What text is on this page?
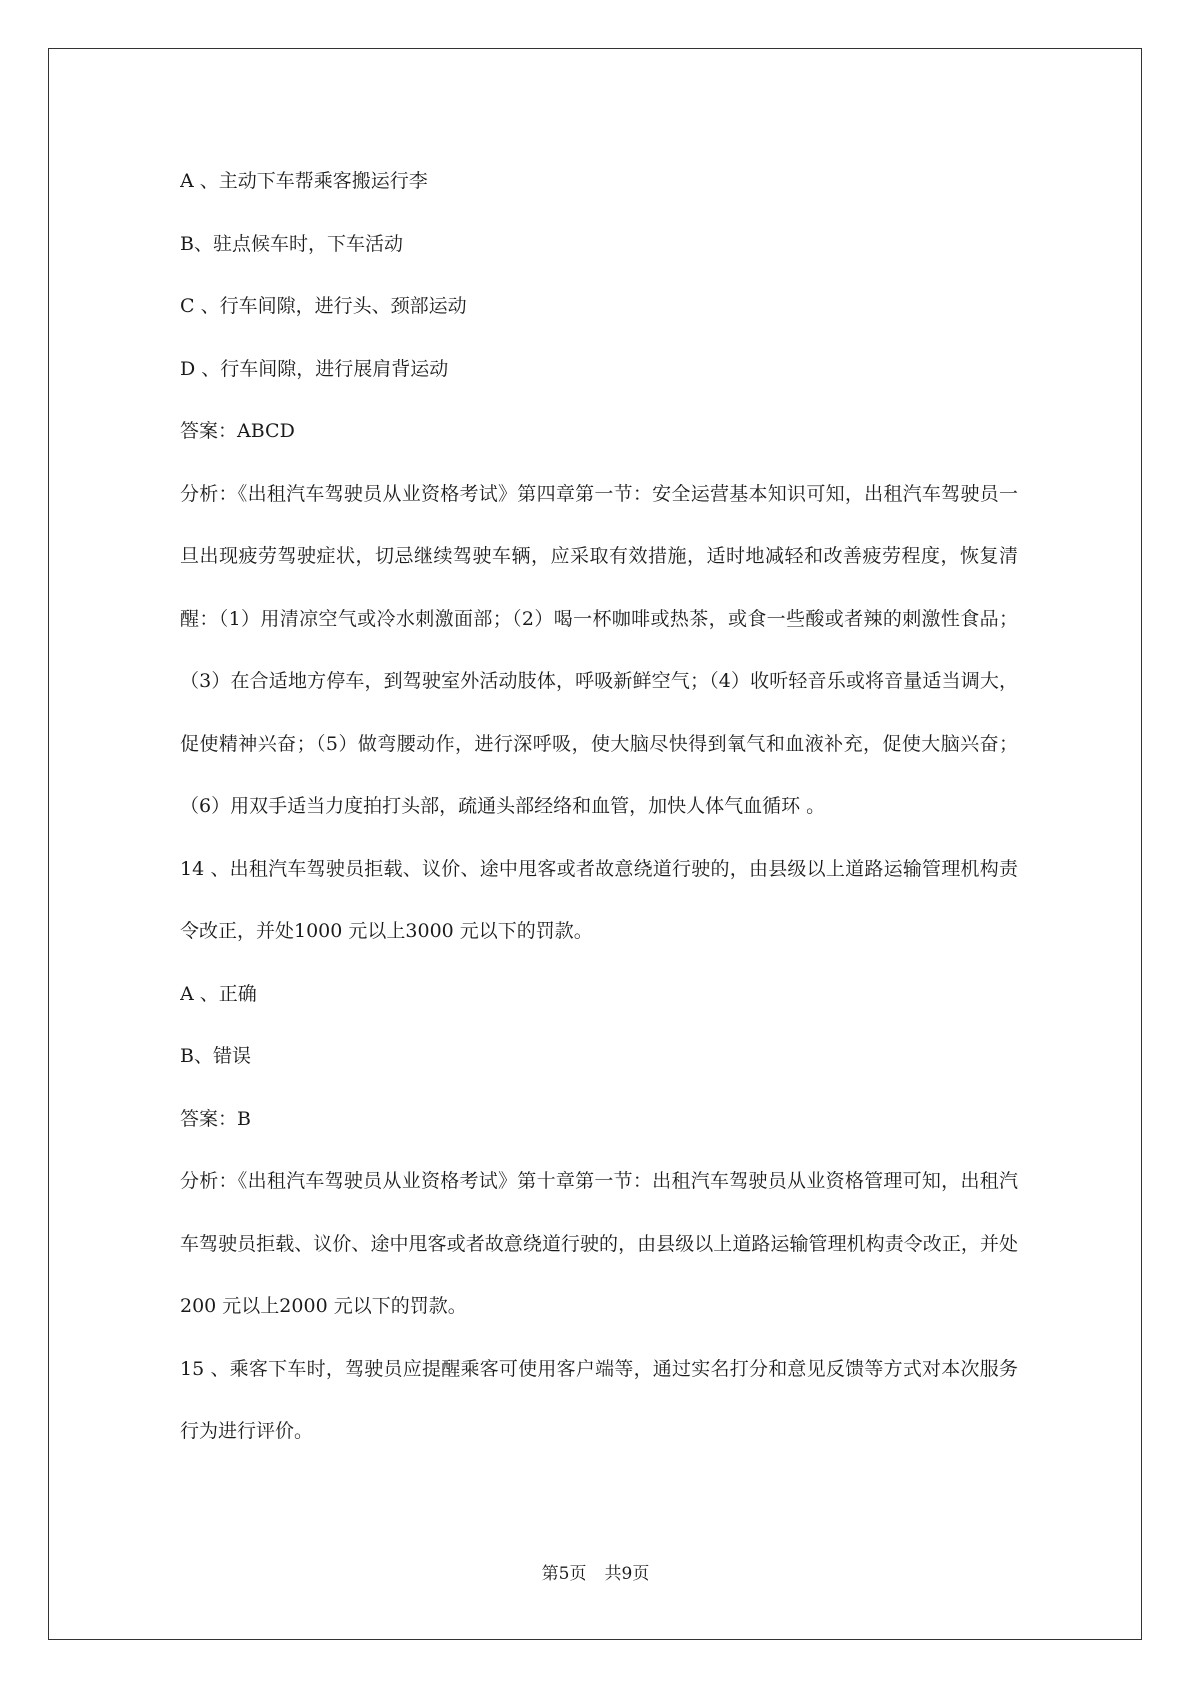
A 、主动下车帮乘客搬运行李
B、驻点候车时，下车活动
C 、行车间隙，进行头、颈部运动
D 、行车间隙，进行展肩背运动
答案：ABCD
分析：《出租汽车驾驶员从业资格考试》第四章第一节：安全运营基本知识可知，出租汽车驾驶员一旦出现疲劳驾驶症状，切忌继续驾驶车辆，应采取有效措施，适时地减轻和改善疲劳程度，恢复清醒：（1）用清凉空气或冷水刺激面部；（2）喝一杯咖啡或热茶，或食一些酸或者辣的刺激性食品；（3）在合适地方停车，到驾驶室外活动肢体，呼吸新鲜空气；（4）收听轻音乐或将音量适当调大，促使精神兴奋；（5）做弯腰动作，进行深呼吸，使大脑尽快得到氧气和血液补充，促使大脑兴奋；（6）用双手适当力度拍打头部，疏通头部经络和血管，加快人体气血循环 。
14 、出租汽车驾驶员拒载、议价、途中甩客或者故意绕道行驶的，由县级以上道路运输管理机构责令改正，并处1000 元以上3000 元以下的罚款。
A 、正确
B、错误
答案：B
分析：《出租汽车驾驶员从业资格考试》第十章第一节：出租汽车驾驶员从业资格管理可知，出租汽车驾驶员拒载、议价、途中甩客或者故意绕道行驶的，由县级以上道路运输管理机构责令改正，并处200 元以上2000 元以下的罚款。
15 、乘客下车时，驾驶员应提醒乘客可使用客户端等，通过实名打分和意见反馈等方式对本次服务行为进行评价。
第5页 共9页
